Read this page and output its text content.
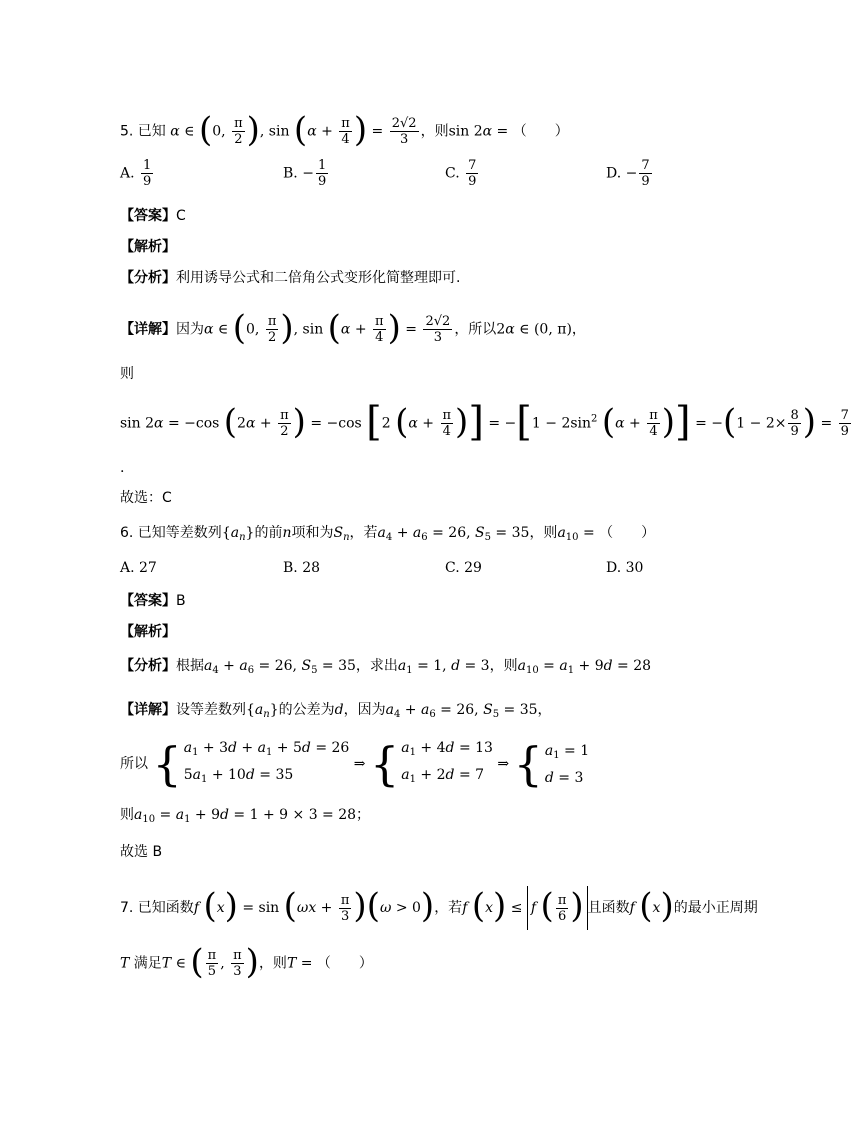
5. 已知 α ∈ (0, $\frac{\pi}{2}$ ), $\sin (\alpha + \frac{\pi}{4}$ ) = $\frac{2√2}{3}$ ，则sin 2α = （　　）
A. $\frac{1}{9}$	B. − $\frac{1}{9}$	C. $\frac{7}{9}$	D. − $\frac{7}{9}$
【答案】C
【解析】
【分析】利用诱导公式和二倍角公式变形化简整理即可.
【详解】因为α ∈ (0, $\frac{\pi}{2}$ ), $\sin (\alpha + \frac{\pi}{4}$ ) = $\frac{2√2}{3}$ ，所以2α ∈ (0, π)，
则
sin 2α = −cos ($2\alpha + \frac{\pi}{2}$ ) = −cos [2 ($\alpha + \frac{\pi}{4}$ )] = $-[1 - 2\sin^2$ ($\alpha + \frac{\pi}{4}$ )] = $-(1 - 2\times \frac{8}{9}$ ) = $\frac{7}{9}$
.
故选：C
6. 已知等差数列$\{a_n\}$的前n项和为$S_n$，若$a_4 + a_6 = 26$, $S_5 = 35$，则$a_{10}$ = （　　）
A. 27	B. 28	C. 29	D. 30
【答案】B
【解析】
【分析】根据$a_4 + a_6 = 26$, $S_5 = 35$，求出$a_1 = 1$, d = 3，则$a_{10} = a_1 + 9d = 28$
【详解】设等差数列$\{a_n\}$的公差为d，因为$a_4 + a_6 = 26$, $S_5 = 35$，
所以 { $a_1 + 3d + a_1 + 5d = 26$
$5a_1 + 10d = 35$
⇒ { $a_1 + 4d = 13$
$a_1 + 2d = 7$
⇒ { $a_1 = 1$
d = 3
则$a_{10} = a_1 + 9d = 1 + 9 \times 3 = 28$；
故选 B
7. 已知函数f $(x) = \sin (\omega x + \frac{\pi}{3} )(\omega > 0)$，若f (x) ≤ f ( $\frac{\pi}{6}$ ) 且函数f (x)的最小正周期
T 满足T ∈ ( $\frac{\pi}{5}$ , $\frac{\pi}{3}$ )，则T = （　　）
